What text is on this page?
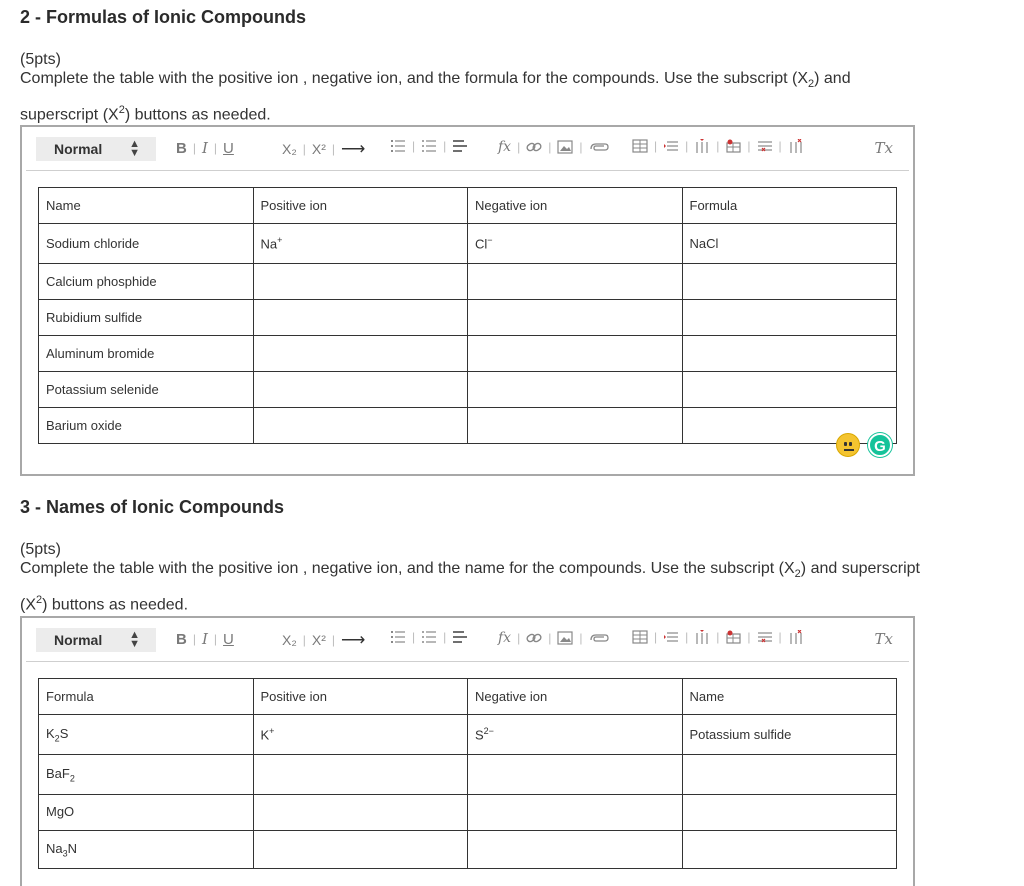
2 - Formulas of Ionic Compounds
(5pts)
Complete the table with the positive ion , negative ion, and the formula for the compounds. Use the subscript $(X_2)$ and superscript $(X^2)$ buttons as needed.
Normal ▲
▼ B | I | U	X₂ | X² | ⟶	| |	fx | | |	| | | | |	Tx
Name	Positive ion	Negative ion	Formula
Sodium chloride	Na+	Cl−	NaCl
Calcium phosphide			
Rubidium sulfide			
Aluminum bromide			
Potassium selenide			
Barium oxide			
G
3 - Names of Ionic Compounds
(5pts)
Complete the table with the positive ion , negative ion, and the name for the compounds. Use the subscript $(X_2)$ and superscript $(X^2)$ buttons as needed.
Normal ▲
▼ B | I | U	X₂ | X² | ⟶	| |	fx | | |	| | | | |	Tx
Formula	Positive ion	Negative ion	Name
$K_2S$	K+	$S^{2-}$	Potassium sulfide
BaF$_2$			
MgO			
$Na_3N$			
